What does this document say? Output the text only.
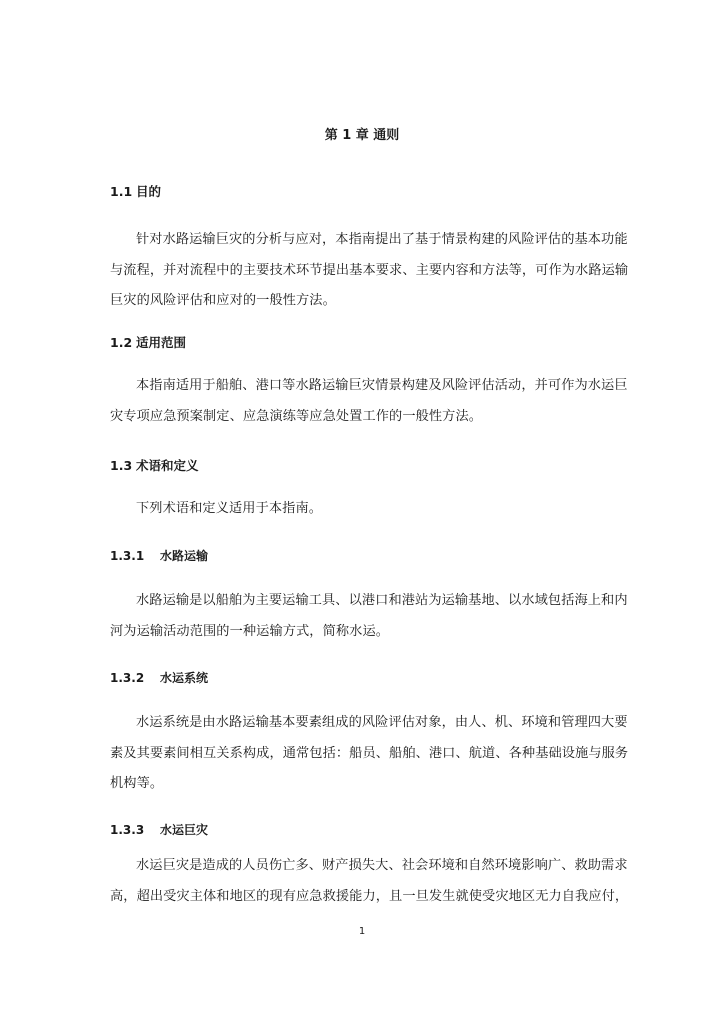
第 1 章 通则
1.1 目的
针对水路运输巨灾的分析与应对，本指南提出了基于情景构建的风险评估的基本功能
与流程，并对流程中的主要技术环节提出基本要求、主要内容和方法等，可作为水路运输
巨灾的风险评估和应对的一般性方法。
1.2 适用范围
本指南适用于船舶、港口等水路运输巨灾情景构建及风险评估活动，并可作为水运巨
灾专项应急预案制定、应急演练等应急处置工作的一般性方法。
1.3 术语和定义
下列术语和定义适用于本指南。
1.3.1 水路运输
水路运输是以船舶为主要运输工具、以港口和港站为运输基地、以水域包括海上和内
河为运输活动范围的一种运输方式，简称水运。
1.3.2 水运系统
水运系统是由水路运输基本要素组成的风险评估对象，由人、机、环境和管理四大要
素及其要素间相互关系构成，通常包括：船员、船舶、港口、航道、各种基础设施与服务
机构等。
1.3.3 水运巨灾
水运巨灾是造成的人员伤亡多、财产损失大、社会环境和自然环境影响广、救助需求
高，超出受灾主体和地区的现有应急救援能力，且一旦发生就使受灾地区无力自我应付，
1
